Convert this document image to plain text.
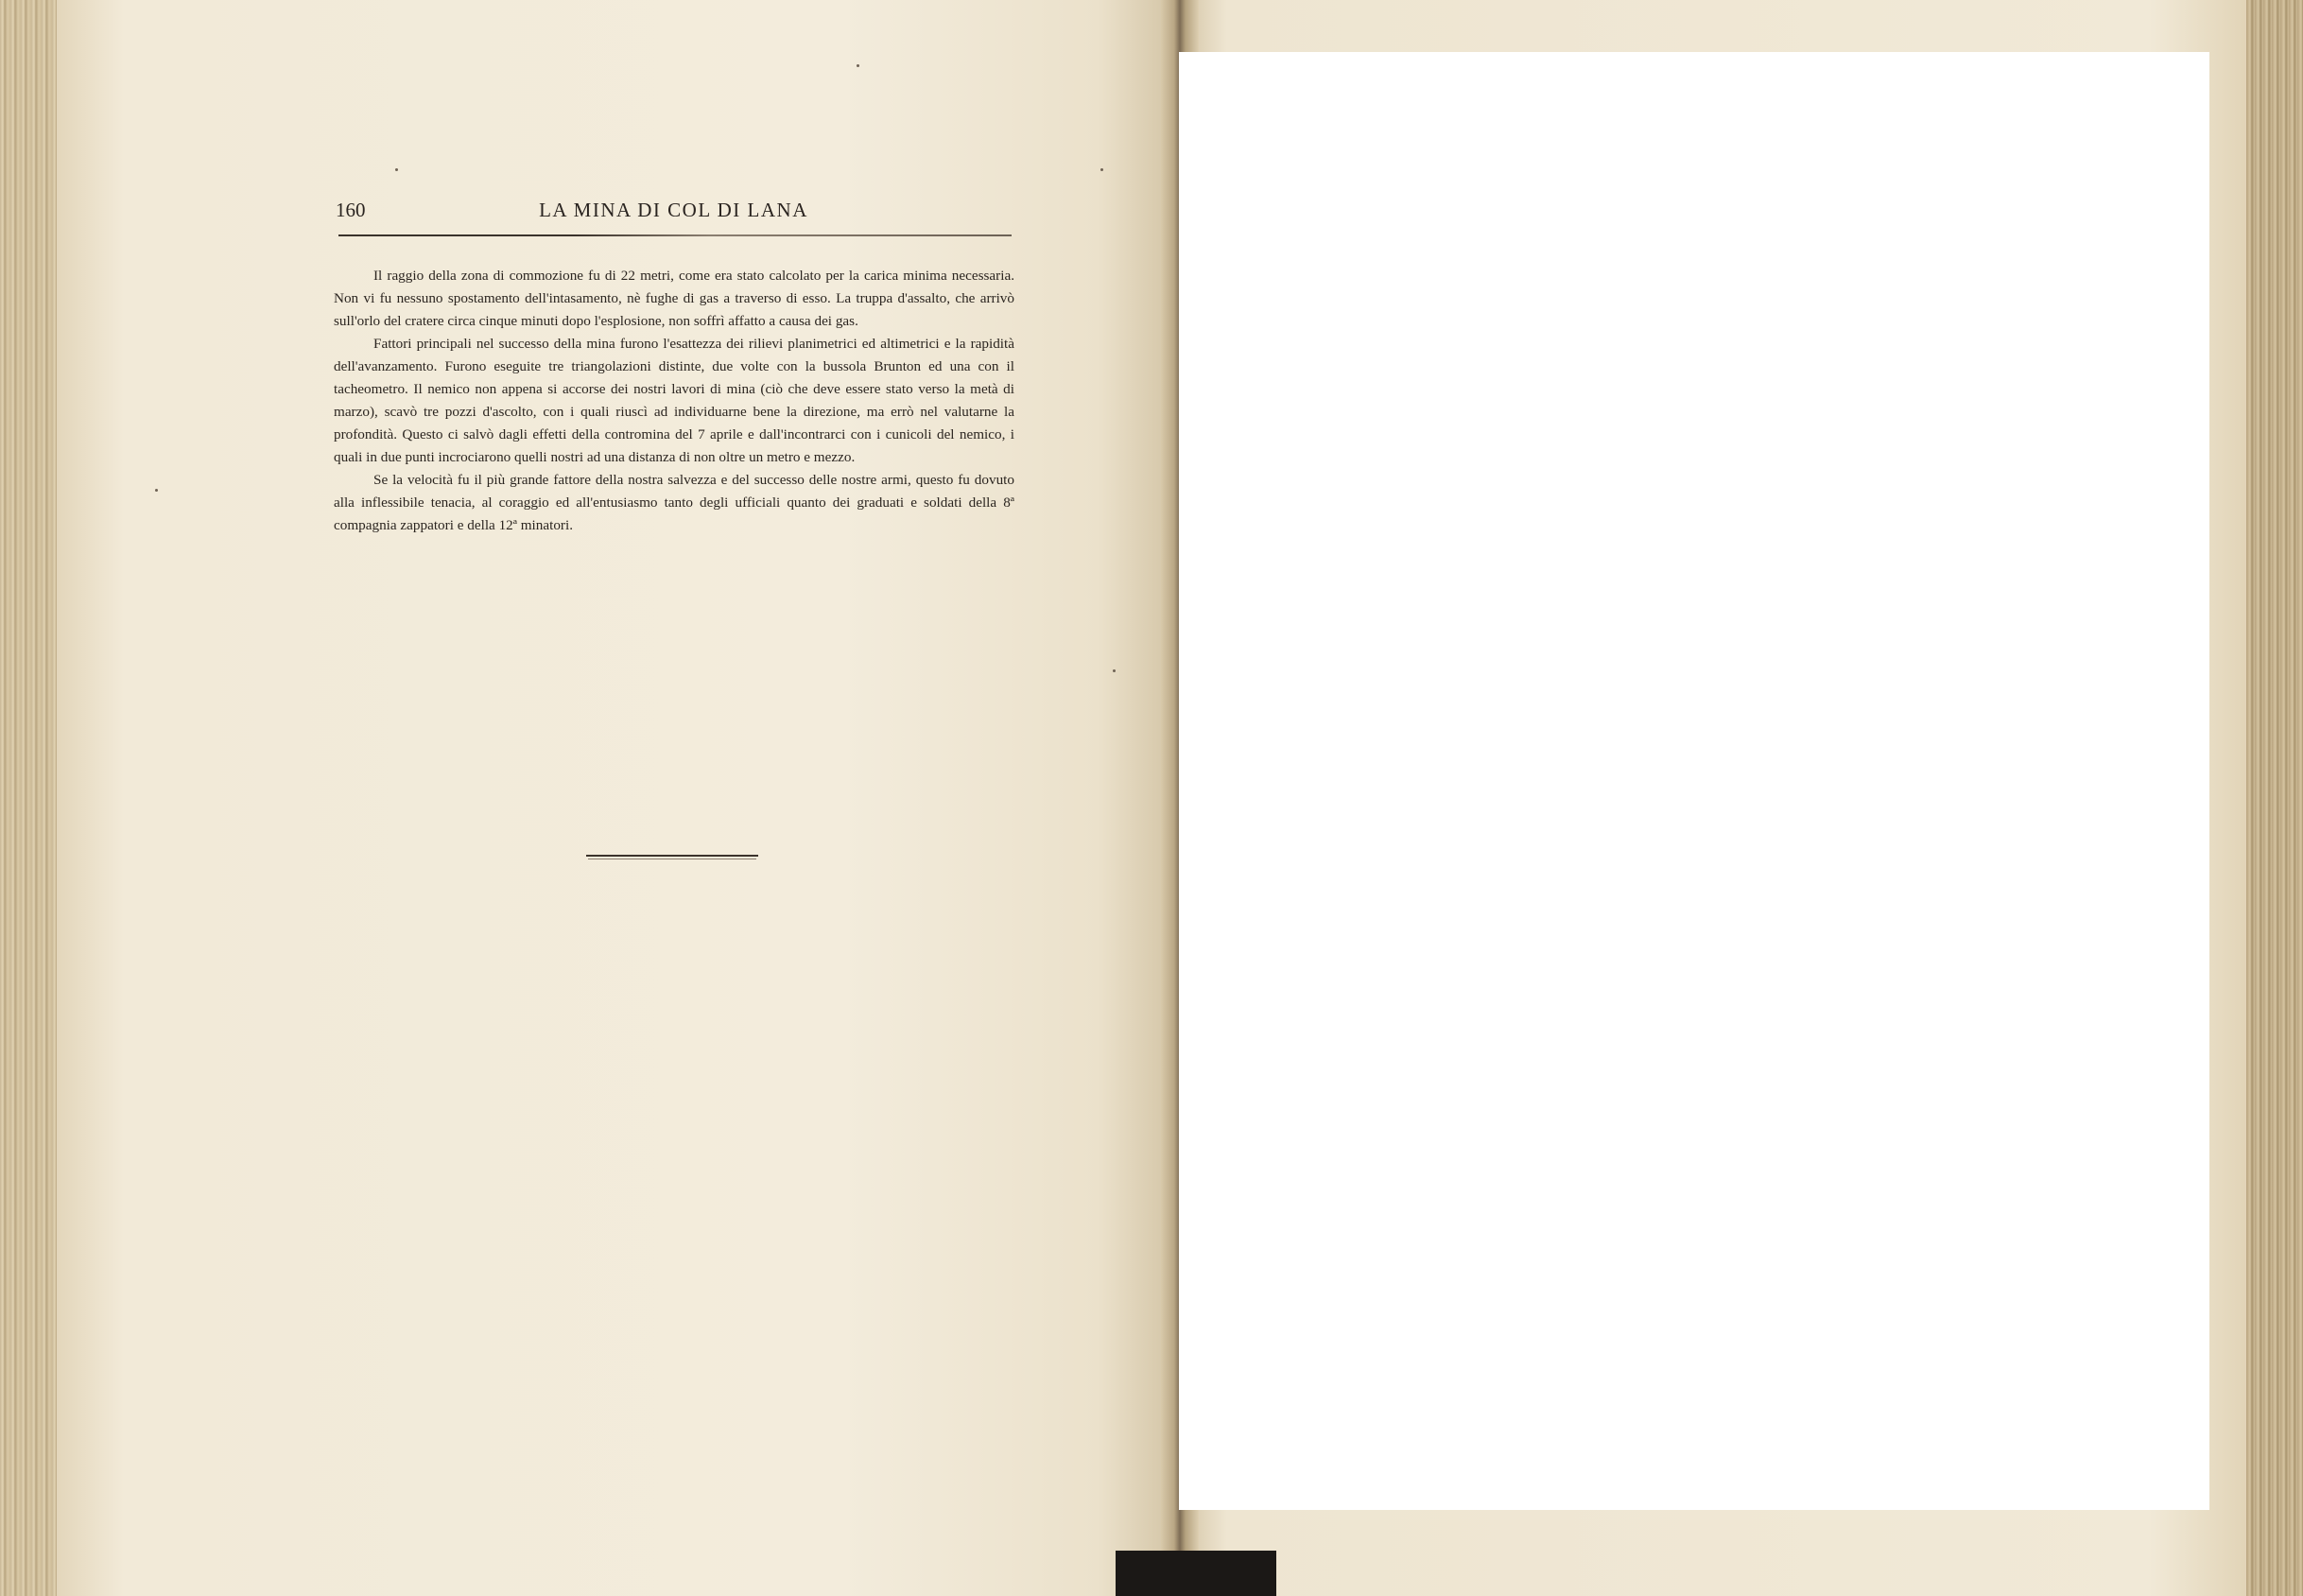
160	LA MINA DI COL DI LANA

Il raggio della zona di commozione fu di 22 metri, come era stato calcolato per la carica minima necessaria. Non vi fu nessuno spostamento dell'intasamento, nè fughe di gas a traverso di esso. La truppa d'assalto, che arrivò sull'orlo del cratere circa cinque minuti dopo l'esplosione, non soffrì affatto a causa dei gas.

Fattori principali nel successo della mina furono l'esattezza dei rilievi planimetrici ed altimetrici e la rapidità dell'avanzamento. Furono eseguite tre triangolazioni distinte, due volte con la bussola Brunton ed una con il tacheometro. Il nemico non appena si accorse dei nostri lavori di mina (ciò che deve essere stato verso la metà di marzo), scavò tre pozzi d'ascolto, con i quali riuscì ad individuarne bene la direzione, ma errò nel valutarne la profondità. Questo ci salvò dagli effetti della contromina del 7 aprile e dall'incontrarci con i cunicoli del nemico, i quali in due punti incrociarono quelli nostri ad una distanza di non oltre un metro e mezzo.

Se la velocità fu il più grande fattore della nostra salvezza e del successo delle nostre armi, questo fu dovuto alla inflessibile tenacia, al coraggio ed all'entusiasmo tanto degli ufficiali quanto dei graduati e soldati della 8ª compagnia zappatori e della 12ª minatori.
